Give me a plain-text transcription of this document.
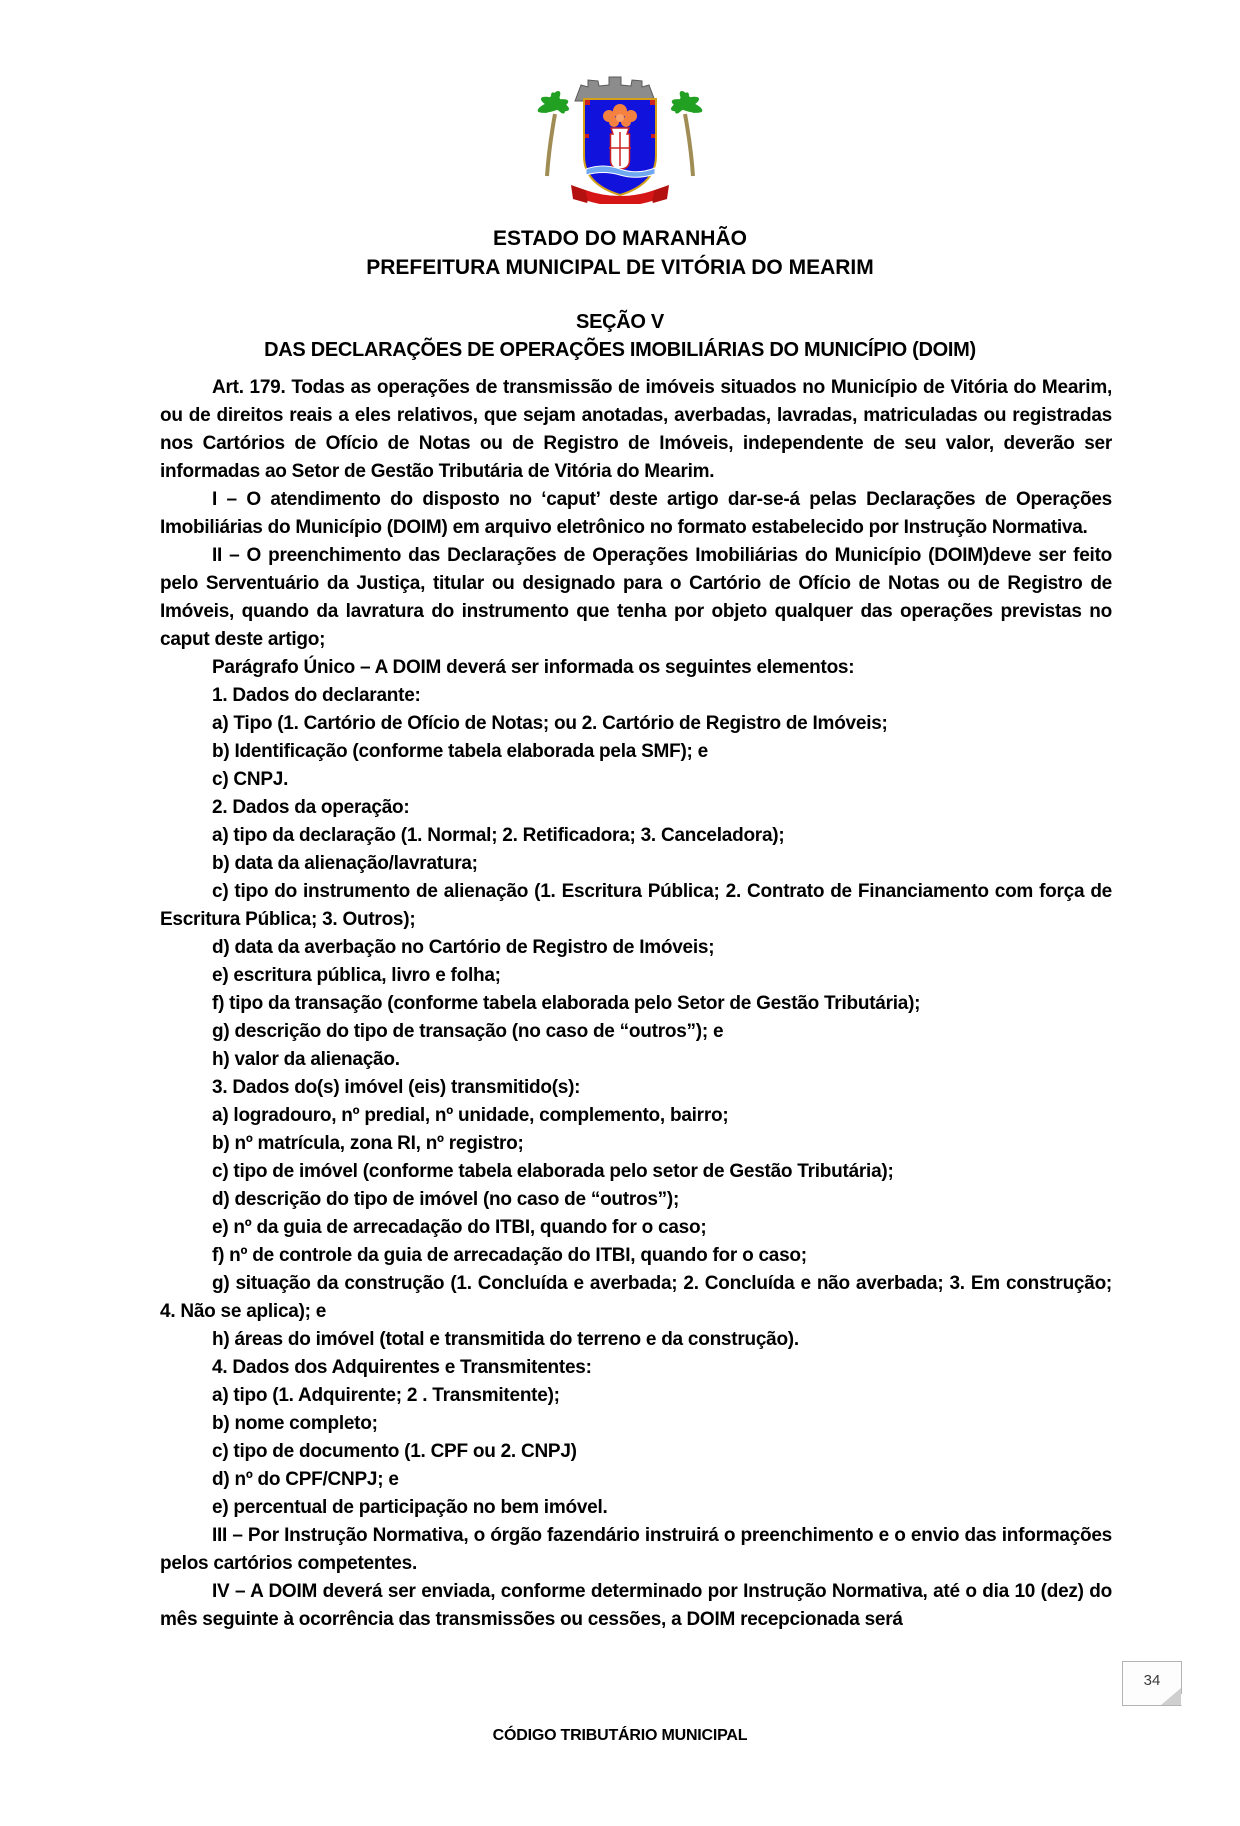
ESTADO DO MARANHÃO
PREFEITURA MUNICIPAL DE VITÓRIA DO MEARIM
SEÇÃO V
DAS DECLARAÇÕES DE OPERAÇÕES IMOBILIÁRIAS DO MUNICÍPIO (DOIM)

Art. 179. Todas as operações de transmissão de imóveis situados no Município de Vitória do Mearim, ou de direitos reais a eles relativos, que sejam anotadas, averbadas, lavradas, matriculadas ou registradas nos Cartórios de Ofício de Notas ou de Registro de Imóveis, independente de seu valor, deverão ser informadas ao Setor de Gestão Tributária de Vitória do Mearim.

I – O atendimento do disposto no ‘caput’ deste artigo dar-se-á pelas Declarações de Operações Imobiliárias do Município (DOIM) em arquivo eletrônico no formato estabelecido por Instrução Normativa.

II – O preenchimento das Declarações de Operações Imobiliárias do Município (DOIM)deve ser feito pelo Serventuário da Justiça, titular ou designado para o Cartório de Ofício de Notas ou de Registro de Imóveis, quando da lavratura do instrumento que tenha por objeto qualquer das operações previstas no caput deste artigo;

Parágrafo Único – A DOIM deverá ser informada os seguintes elementos:

1. Dados do declarante:

a) Tipo (1. Cartório de Ofício de Notas; ou 2. Cartório de Registro de Imóveis;

b) Identificação (conforme tabela elaborada pela SMF); e

c) CNPJ.

2. Dados da operação:

a) tipo da declaração (1. Normal; 2. Retificadora; 3. Canceladora);

b) data da alienação/lavratura;

c) tipo do instrumento de alienação (1. Escritura Pública; 2. Contrato de Financiamento com força de Escritura Pública; 3. Outros);

d) data da averbação no Cartório de Registro de Imóveis;

e) escritura pública, livro e folha;

f) tipo da transação (conforme tabela elaborada pelo Setor de Gestão Tributária);

g) descrição do tipo de transação (no caso de “outros”); e

h) valor da alienação.

3. Dados do(s) imóvel (eis) transmitido(s):

a) logradouro, nº predial, nº unidade, complemento, bairro;

b) nº matrícula, zona RI, nº registro;

c) tipo de imóvel (conforme tabela elaborada pelo setor de Gestão Tributária);

d) descrição do tipo de imóvel (no caso de “outros”);

e) nº da guia de arrecadação do ITBI, quando for o caso;

f) nº de controle da guia de arrecadação do ITBI, quando for o caso;

g) situação da construção (1. Concluída e averbada; 2. Concluída e não averbada; 3. Em construção; 4. Não se aplica); e

h) áreas do imóvel (total e transmitida do terreno e da construção).

4. Dados dos Adquirentes e Transmitentes:

a) tipo (1. Adquirente; 2 . Transmitente);

b) nome completo;

c) tipo de documento (1. CPF ou 2. CNPJ)

d) nº do CPF/CNPJ; e

e) percentual de participação no bem imóvel.

III – Por Instrução Normativa, o órgão fazendário instruirá o preenchimento e o envio das informações pelos cartórios competentes.

IV – A DOIM deverá ser enviada, conforme determinado por Instrução Normativa, até o dia 10 (dez) do mês seguinte à ocorrência das transmissões ou cessões, a DOIM recepcionada será

34
CÓDIGO TRIBUTÁRIO MUNICIPAL
